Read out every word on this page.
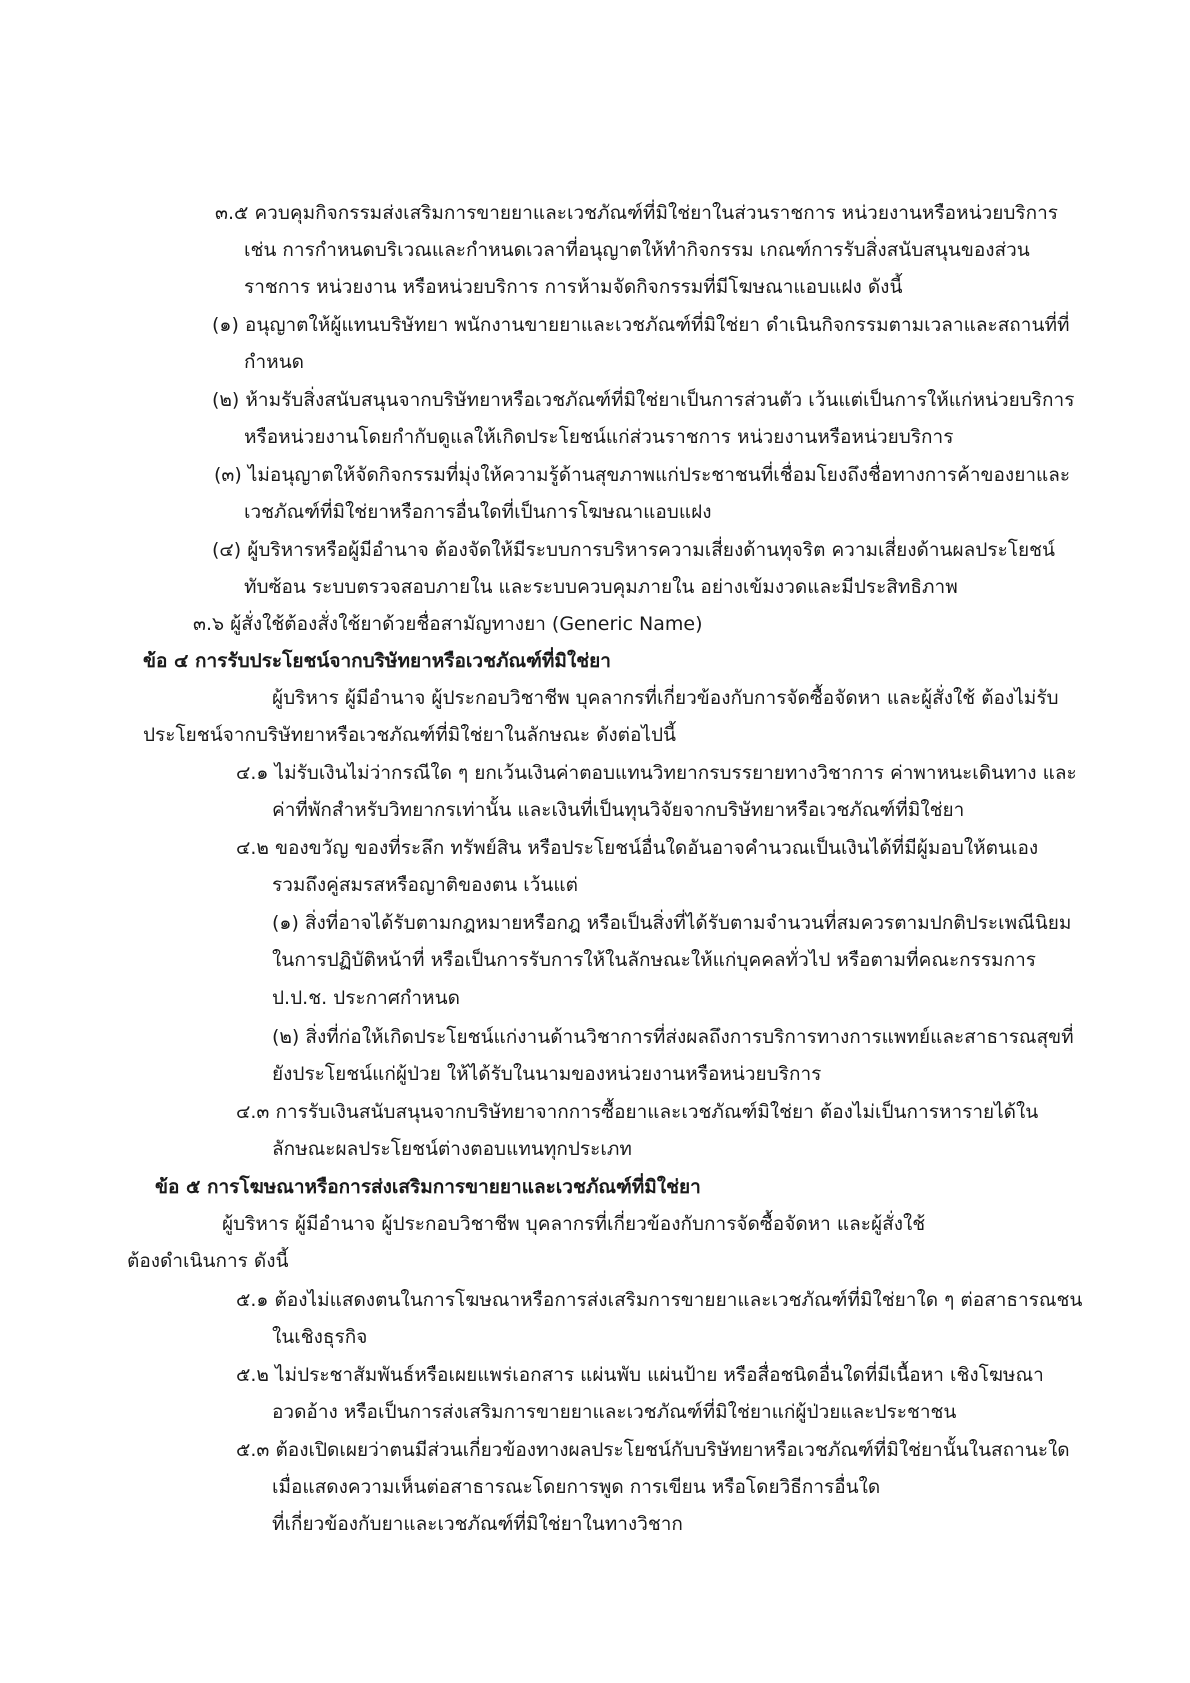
๓.๕ ควบคุมกิจกรรมส่งเสริมการขายยาและเวชภัณฑ์ที่มิใช่ยาในส่วนราชการ หน่วยงานหรือหน่วยบริการ
เช่น การกำหนดบริเวณและกำหนดเวลาที่อนุญาตให้ทำกิจกรรม เกณฑ์การรับสิ่งสนับสนุนของส่วน
ราชการ หน่วยงาน หรือหน่วยบริการ การห้ามจัดกิจกรรมที่มีโฆษณาแอบแฝง ดังนี้
(๑) อนุญาตให้ผู้แทนบริษัทยา พนักงานขายยาและเวชภัณฑ์ที่มิใช่ยา ดำเนินกิจกรรมตามเวลาและสถานที่ที่
กำหนด
(๒) ห้ามรับสิ่งสนับสนุนจากบริษัทยาหรือเวชภัณฑ์ที่มิใช่ยาเป็นการส่วนตัว เว้นแต่เป็นการให้แก่หน่วยบริการ
หรือหน่วยงานโดยกำกับดูแลให้เกิดประโยชน์แก่ส่วนราชการ หน่วยงานหรือหน่วยบริการ
(๓) ไม่อนุญาตให้จัดกิจกรรมที่มุ่งให้ความรู้ด้านสุขภาพแก่ประชาชนที่เชื่อมโยงถึงชื่อทางการค้าของยาและ
เวชภัณฑ์ที่มิใช่ยาหรือการอื่นใดที่เป็นการโฆษณาแอบแฝง
(๔) ผู้บริหารหรือผู้มีอำนาจ ต้องจัดให้มีระบบการบริหารความเสี่ยงด้านทุจริต ความเสี่ยงด้านผลประโยชน์
ทับซ้อน ระบบตรวจสอบภายใน และระบบควบคุมภายใน อย่างเข้มงวดและมีประสิทธิภาพ
๓.๖ ผู้สั่งใช้ต้องสั่งใช้ยาด้วยชื่อสามัญทางยา (Generic Name)
ข้อ ๔ การรับประโยชน์จากบริษัทยาหรือเวชภัณฑ์ที่มิใช่ยา
ผู้บริหาร ผู้มีอำนาจ ผู้ประกอบวิชาชีพ บุคลากรที่เกี่ยวข้องกับการจัดซื้อจัดหา และผู้สั่งใช้ ต้องไม่รับ
ประโยชน์จากบริษัทยาหรือเวชภัณฑ์ที่มิใช่ยาในลักษณะ ดังต่อไปนี้
๔.๑ ไม่รับเงินไม่ว่ากรณีใด ๆ ยกเว้นเงินค่าตอบแทนวิทยากรบรรยายทางวิชาการ ค่าพาหนะเดินทาง และ
ค่าที่พักสำหรับวิทยากรเท่านั้น และเงินที่เป็นทุนวิจัยจากบริษัทยาหรือเวชภัณฑ์ที่มิใช่ยา
๔.๒ ของขวัญ ของที่ระลึก ทรัพย์สิน หรือประโยชน์อื่นใดอันอาจคำนวณเป็นเงินได้ที่มีผู้มอบให้ตนเอง
รวมถึงคู่สมรสหรือญาติของตน เว้นแต่
(๑) สิ่งที่อาจได้รับตามกฎหมายหรือกฎ หรือเป็นสิ่งที่ได้รับตามจำนวนที่สมควรตามปกติประเพณีนิยม
ในการปฏิบัติหน้าที่ หรือเป็นการรับการให้ในลักษณะให้แก่บุคคลทั่วไป หรือตามที่คณะกรรมการ
ป.ป.ช. ประกาศกำหนด
(๒) สิ่งที่ก่อให้เกิดประโยชน์แก่งานด้านวิชาการที่ส่งผลถึงการบริการทางการแพทย์และสาธารณสุขที่
ยังประโยชน์แก่ผู้ป่วย ให้ได้รับในนามของหน่วยงานหรือหน่วยบริการ
๔.๓ การรับเงินสนับสนุนจากบริษัทยาจากการซื้อยาและเวชภัณฑ์มิใช่ยา ต้องไม่เป็นการหารายได้ใน
ลักษณะผลประโยชน์ต่างตอบแทนทุกประเภท
ข้อ ๕ การโฆษณาหรือการส่งเสริมการขายยาและเวชภัณฑ์ที่มิใช่ยา
ผู้บริหาร ผู้มีอำนาจ ผู้ประกอบวิชาชีพ บุคลากรที่เกี่ยวข้องกับการจัดซื้อจัดหา และผู้สั่งใช้
ต้องดำเนินการ ดังนี้
๕.๑ ต้องไม่แสดงตนในการโฆษณาหรือการส่งเสริมการขายยาและเวชภัณฑ์ที่มิใช่ยาใด ๆ ต่อสาธารณชน
ในเชิงธุรกิจ
๕.๒ ไม่ประชาสัมพันธ์หรือเผยแพร่เอกสาร แผ่นพับ แผ่นป้าย หรือสื่อชนิดอื่นใดที่มีเนื้อหา เชิงโฆษณา
อวดอ้าง หรือเป็นการส่งเสริมการขายยาและเวชภัณฑ์ที่มิใช่ยาแก่ผู้ป่วยและประชาชน
๕.๓ ต้องเปิดเผยว่าตนมีส่วนเกี่ยวข้องทางผลประโยชน์กับบริษัทยาหรือเวชภัณฑ์ที่มิใช่ยานั้นในสถานะใด
เมื่อแสดงความเห็นต่อสาธารณะโดยการพูด การเขียน หรือโดยวิธีการอื่นใด
ที่เกี่ยวข้องกับยาและเวชภัณฑ์ที่มิใช่ยาในทางวิชาก
